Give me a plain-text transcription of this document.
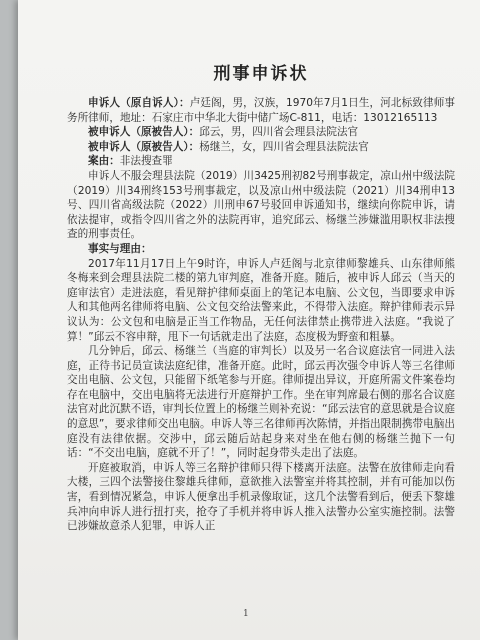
刑事申诉状

申诉人（原自诉人）：卢廷阁，男，汉族，1970年7月1日生，河北标致律师事务所律师，地址：石家庄市中华北大街中储广场C-811，电话：13012165113

被申诉人（原被告人）：邱云，男，四川省会理县法院法官

被申诉人（原被告人）：杨继兰，女，四川省会理县法院法官

案由：非法搜查罪

申诉人不服会理县法院（2019）川3425刑初82号刑事裁定，凉山州中级法院（2019）川34刑终153号刑事裁定，以及凉山州中级法院（2021）川34刑申13号、四川省高级法院（2022）川刑申67号驳回申诉通知书，继续向你院申诉，请依法提审，或指令四川省之外的法院再审，追究邱云、杨继兰涉嫌滥用职权非法搜查的刑事责任。

事实与理由：

2017年11月17日上午9时许，申诉人卢廷阁与北京律师黎雄兵、山东律师熊冬梅来到会理县法院二楼的第九审判庭，准备开庭。随后，被申诉人邱云（当天的庭审法官）走进法庭，看见辩护律师桌面上的笔记本电脑、公文包，当即要求申诉人和其他两名律师将电脑、公文包交给法警来此，不得带入法庭。辩护律师表示异议认为：公文包和电脑是正当工作物品，无任何法律禁止携带进入法庭。“我说了算！”邱云不容申辩，甩下一句话就走出了法庭，态度极为野蛮和粗暴。

几分钟后，邱云、杨继兰（当庭的审判长）以及另一名合议庭法官一同进入法庭，正待书记员宣读法庭纪律，准备开庭。此时，邱云再次强令申诉人等三名律师交出电脑、公文包，只能留下纸笔参与开庭。律师提出异议，开庭所需文件案卷均存在电脑中，交出电脑将无法进行开庭辩护工作。坐在审判席最右侧的那名合议庭法官对此沉默不语，审判长位置上的杨继兰则补充说：“邱云法官的意思就是合议庭的意思”，要求律师交出电脑。申诉人等三名律师再次陈情，并指出限制携带电脑出庭没有法律依据。交涉中，邱云随后站起身来对坐在他右侧的杨继兰抛下一句话：“不交出电脑，庭就不开了！”，同时起身带头走出了法庭。

开庭被取消，申诉人等三名辩护律师只得下楼离开法庭。法警在放律师走向看大楼，三四个法警接住黎雄兵律师，意欲推入法警室并将其控制，并有可能加以伤害，看到情况紧急，申诉人便拿出手机录像取证，这几个法警看到后，便丢下黎雄兵冲向申诉人进行扭打夹，抢夺了手机并将申诉人推入法警办公室实施控制。法警已涉嫌故意杀人犯罪，申诉人正

1
